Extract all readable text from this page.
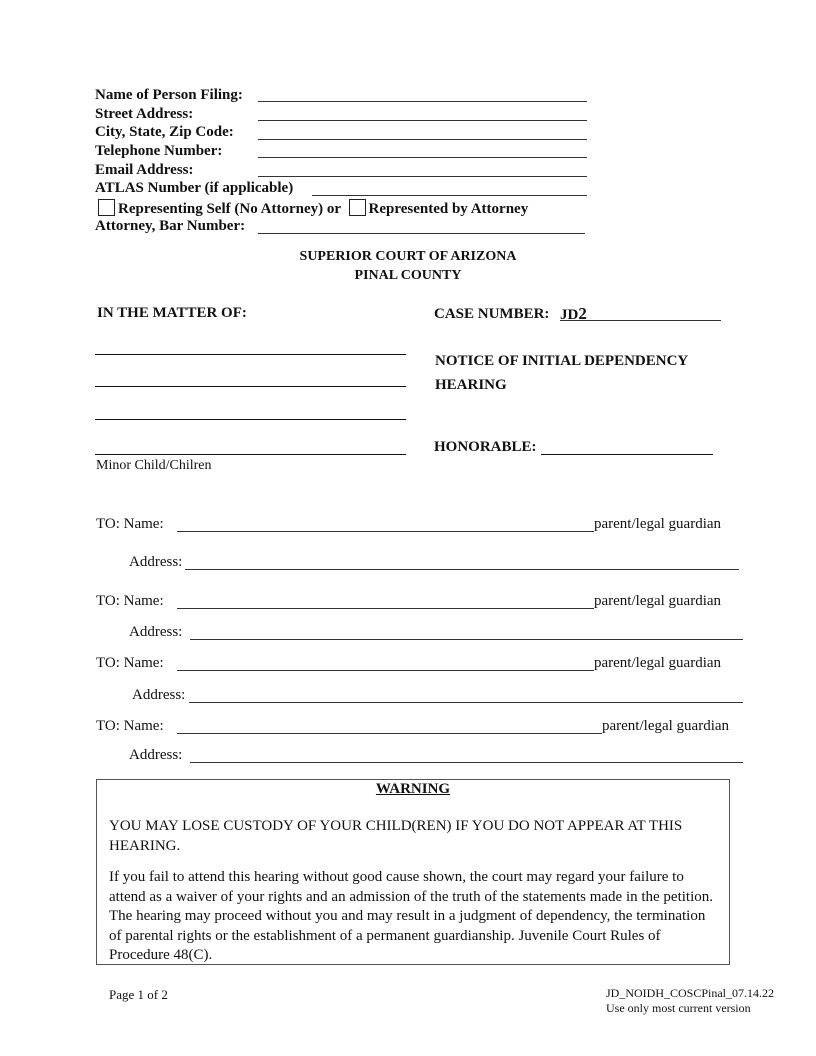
Name of Person Filing:
Street Address:
City, State, Zip Code:
Telephone Number:
Email Address:
ATLAS Number (if applicable)
Representing Self (No Attorney) or Represented by Attorney
Attorney, Bar Number:
SUPERIOR COURT OF ARIZONA
PINAL COUNTY
IN THE MATTER OF:
Minor Child/Chilren
CASE NUMBER: JD2
NOTICE OF INITIAL DEPENDENCY
HEARING
HONORABLE:
TO: Name:	parent/legal guardian
Address:
TO: Name:	parent/legal guardian
Address:
TO: Name:	parent/legal guardian
Address:
TO: Name:	parent/legal guardian
Address:
WARNING
YOU MAY LOSE CUSTODY OF YOUR CHILD(REN) IF YOU DO NOT APPEAR AT THIS HEARING.
If you fail to attend this hearing without good cause shown, the court may regard your failure to attend as a waiver of your rights and an admission of the truth of the statements made in the petition. The hearing may proceed without you and may result in a judgment of dependency, the termination of parental rights or the establishment of a permanent guardianship. Juvenile Court Rules of Procedure 48(C).
Page 1 of 2	JD_NOIDH_COSCPinal_07.14.22
Use only most current version
